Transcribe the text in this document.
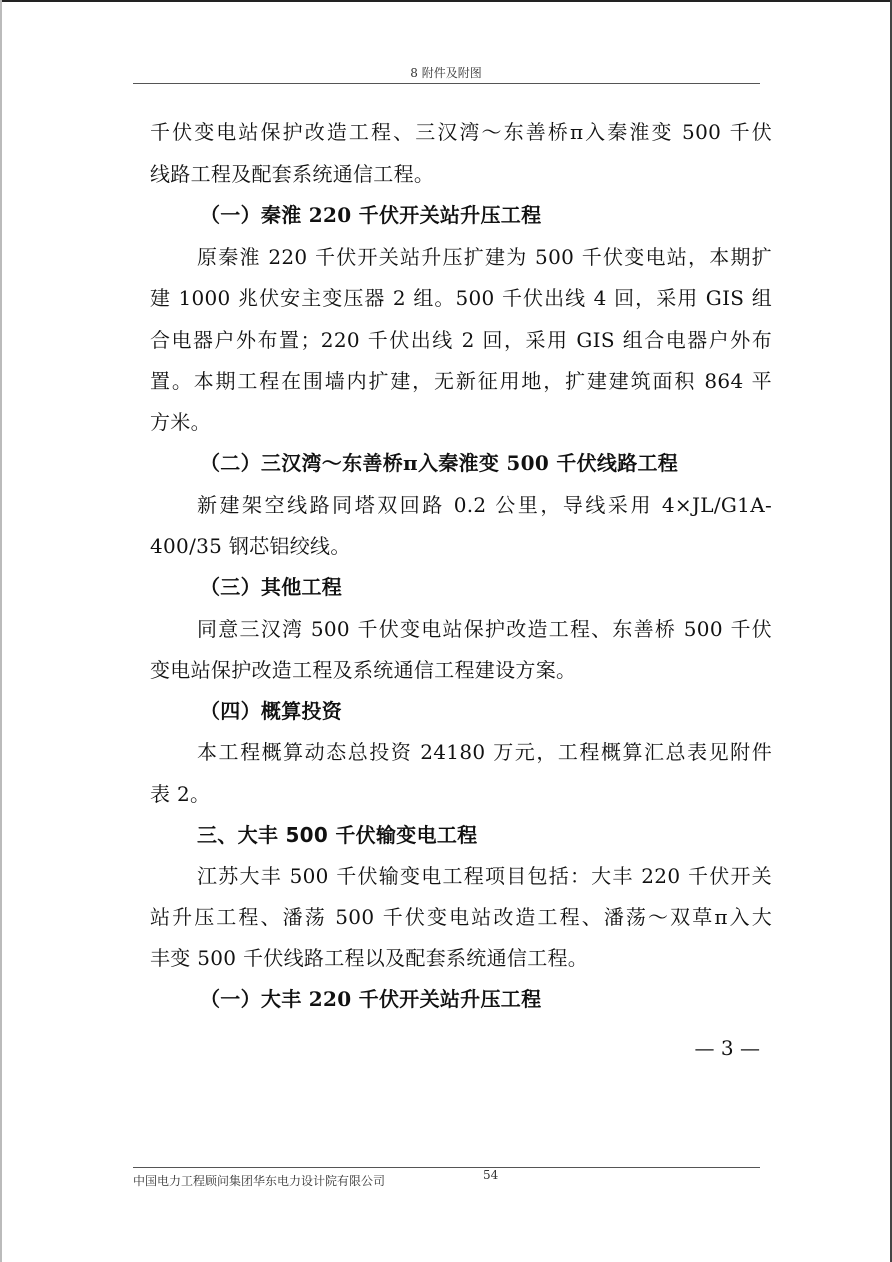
8 附件及附图
千伏变电站保护改造工程、三汉湾～东善桥π入秦淮变 500 千伏
线路工程及配套系统通信工程。
（一）秦淮 220 千伏开关站升压工程
原秦淮 220 千伏开关站升压扩建为 500 千伏变电站，本期扩
建 1000 兆伏安主变压器 2 组。500 千伏出线 4 回，采用 GIS 组
合电器户外布置；220 千伏出线 2 回，采用 GIS 组合电器户外布
置。本期工程在围墙内扩建，无新征用地，扩建建筑面积 864 平
方米。
（二）三汉湾～东善桥π入秦淮变 500 千伏线路工程
新建架空线路同塔双回路 0.2 公里，导线采用 4×JL/G1A-
400/35 钢芯铝绞线。
（三）其他工程
同意三汉湾 500 千伏变电站保护改造工程、东善桥 500 千伏
变电站保护改造工程及系统通信工程建设方案。
（四）概算投资
本工程概算动态总投资 24180 万元，工程概算汇总表见附件
表 2。
三、大丰 500 千伏输变电工程
江苏大丰 500 千伏输变电工程项目包括：大丰 220 千伏开关
站升压工程、潘荡 500 千伏变电站改造工程、潘荡～双草π入大
丰变 500 千伏线路工程以及配套系统通信工程。
（一）大丰 220 千伏开关站升压工程
— 3 —
中国电力工程顾问集团华东电力设计院有限公司	54
